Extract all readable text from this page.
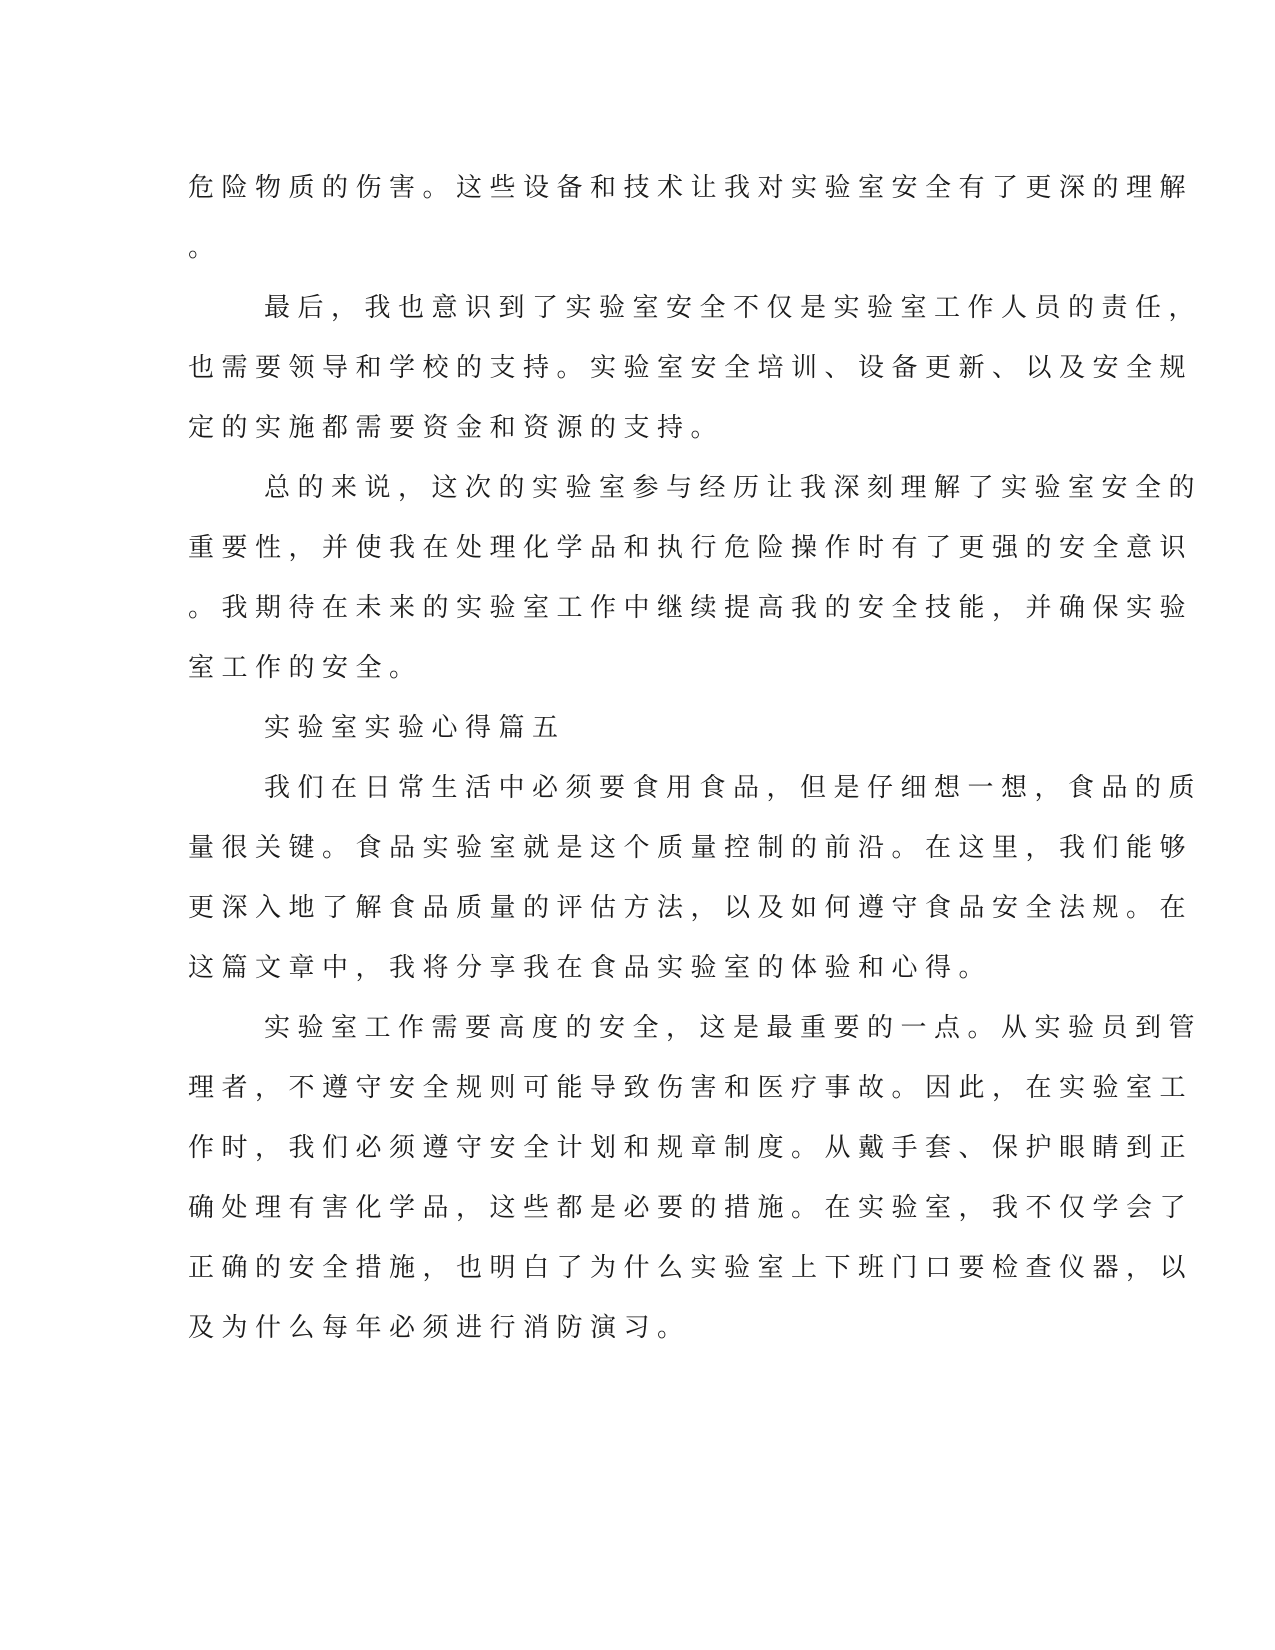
危险物质的伤害。这些设备和技术让我对实验室安全有了更深的理解
。
最后，我也意识到了实验室安全不仅是实验室工作人员的责任，
也需要领导和学校的支持。实验室安全培训、设备更新、以及安全规
定的实施都需要资金和资源的支持。
总的来说，这次的实验室参与经历让我深刻理解了实验室安全的
重要性，并使我在处理化学品和执行危险操作时有了更强的安全意识
。我期待在未来的实验室工作中继续提高我的安全技能，并确保实验
室工作的安全。
实验室实验心得篇五
我们在日常生活中必须要食用食品，但是仔细想一想，食品的质
量很关键。食品实验室就是这个质量控制的前沿。在这里，我们能够
更深入地了解食品质量的评估方法，以及如何遵守食品安全法规。在
这篇文章中，我将分享我在食品实验室的体验和心得。
实验室工作需要高度的安全，这是最重要的一点。从实验员到管
理者，不遵守安全规则可能导致伤害和医疗事故。因此，在实验室工
作时，我们必须遵守安全计划和规章制度。从戴手套、保护眼睛到正
确处理有害化学品，这些都是必要的措施。在实验室，我不仅学会了
正确的安全措施，也明白了为什么实验室上下班门口要检查仪器，以
及为什么每年必须进行消防演习。
